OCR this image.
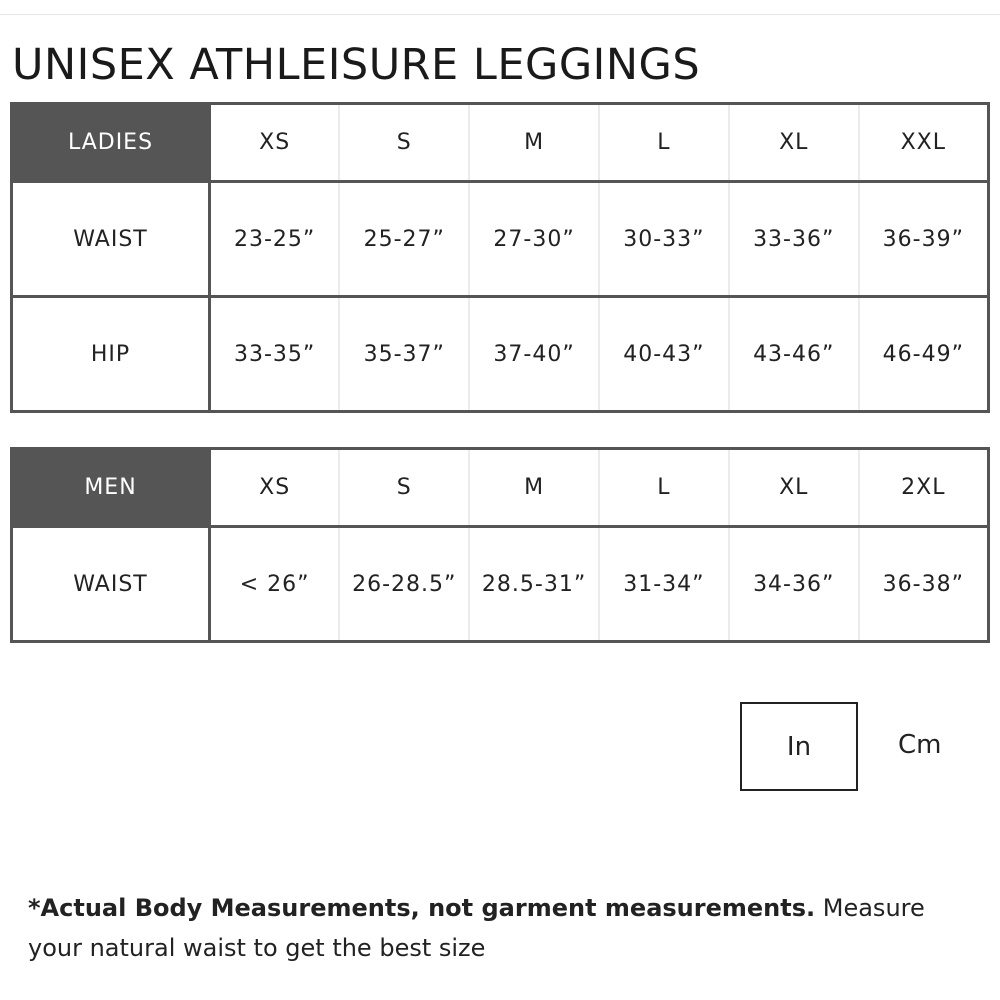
UNISEX ATHLEISURE LEGGINGS
LADIES	XS	S	M	L	XL	XXL
WAIST	23-25”	25-27”	27-30”	30-33”	33-36”	36-39”
HIP	33-35”	35-37”	37-40”	40-43”	43-46”	46-49”
MEN	XS	S	M	L	XL	2XL
WAIST	< 26”	26-28.5”	28.5-31”	31-34”	34-36”	36-38”
In	Cm
*Actual Body Measurements, not garment measurements. Measure your natural waist to get the best size
